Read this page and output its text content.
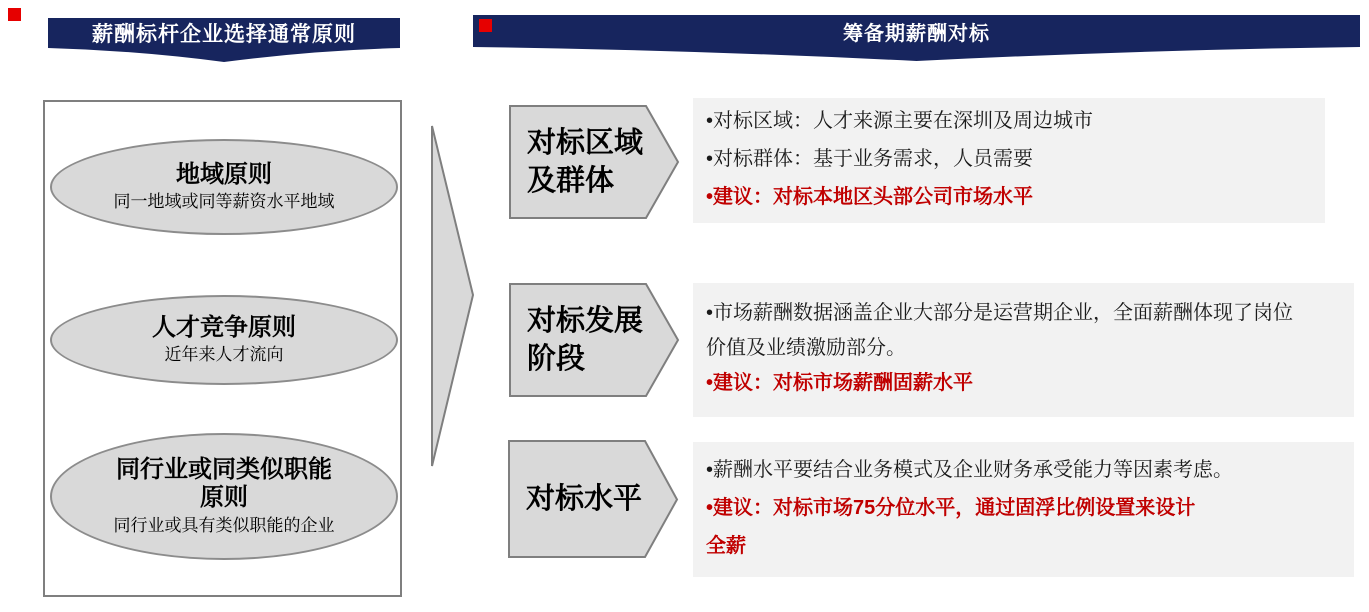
薪酬标杆企业选择通常原则	筹备期薪酬对标
地域原则
同一地域或同等薪资水平地域
人才竞争原则
近年来人才流向
同行业或同类似职能
原则
同行业或具有类似职能的企业
对标区域
及群体
•对标区域：人才来源主要在深圳及周边城市
•对标群体：基于业务需求，人员需要
•建议：对标本地区头部公司市场水平
对标发展
阶段
•市场薪酬数据涵盖企业大部分是运营期企业，全面薪酬体现了岗位
价值及业绩激励部分。
•建议：对标市场薪酬固薪水平
对标水平
•薪酬水平要结合业务模式及企业财务承受能力等因素考虑。
•建议：对标市场75分位水平，通过固浮比例设置来设计
全薪
